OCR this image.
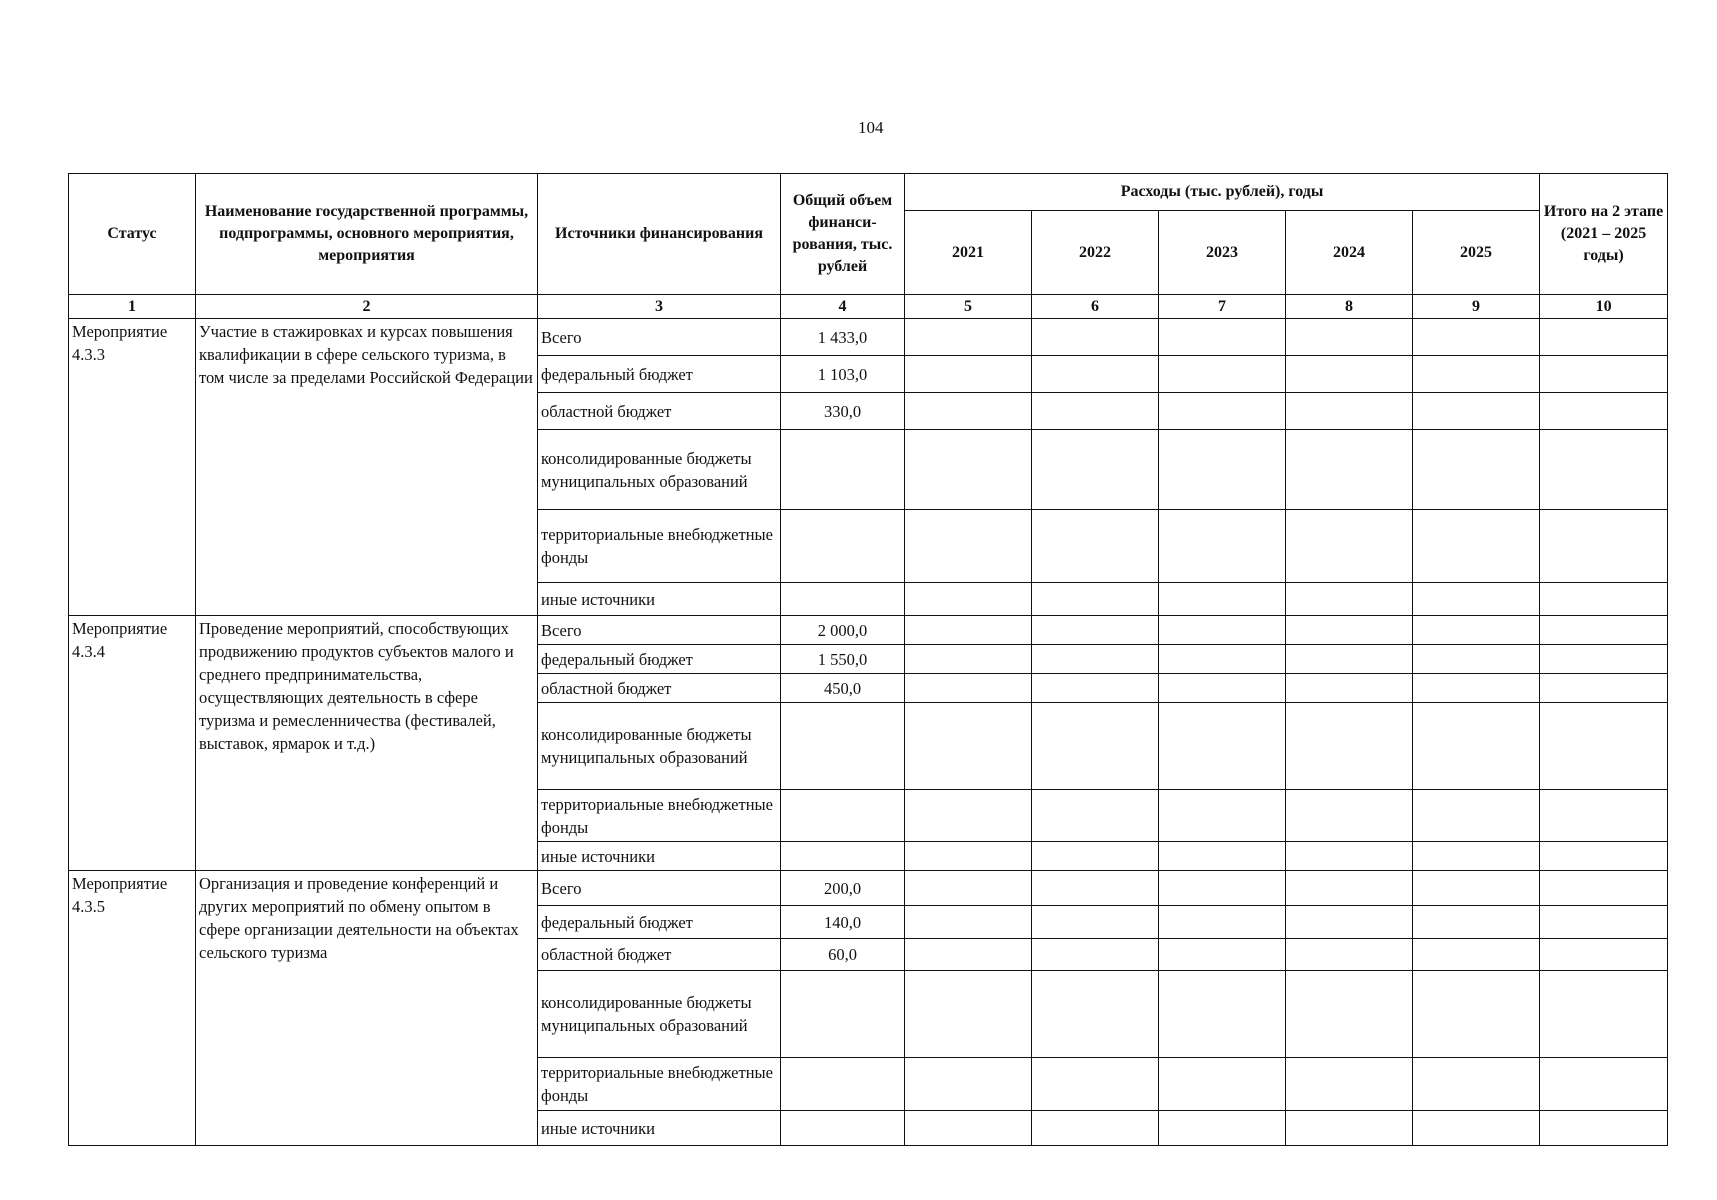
104
Статус	Наименование государственной программы, подпрограммы, основного мероприятия, мероприятия	Источники финансирования	Общий объем финанси-рования, тыс. рублей	Расходы (тыс. рублей), годы					Итого на 2 этапе (2021 – 2025 годы)
				2021	2022	2023	2024	2025	
1	2	3	4	5	6	7	8	9	10
Мероприятие 4.3.3	Участие в стажировках и курсах повышения квалификации в сфере сельского туризма, в том числе за пределами Российской Федерации	Всего	1 433,0						
		федеральный бюджет	1 103,0						
		областной бюджет	330,0						
		консолидированные бюджеты муниципальных образований							
		территориальные внебюджетные фонды							
		иные источники							
Мероприятие 4.3.4	Проведение мероприятий, способствующих продвижению продуктов субъектов малого и среднего предпринимательства, осуществляющих деятельность в сфере туризма и ремесленничества (фестивалей, выставок, ярмарок и т.д.)	Всего	2 000,0						
		федеральный бюджет	1 550,0						
		областной бюджет	450,0						
		консолидированные бюджеты муниципальных образований							
		территориальные внебюджетные фонды							
		иные источники							
Мероприятие 4.3.5	Организация и проведение конференций и других мероприятий по обмену опытом в сфере организации деятельности на объектах сельского туризма	Всего	200,0						
		федеральный бюджет	140,0						
		областной бюджет	60,0						
		консолидированные бюджеты муниципальных образований							
		территориальные внебюджетные фонды							
		иные источники							
